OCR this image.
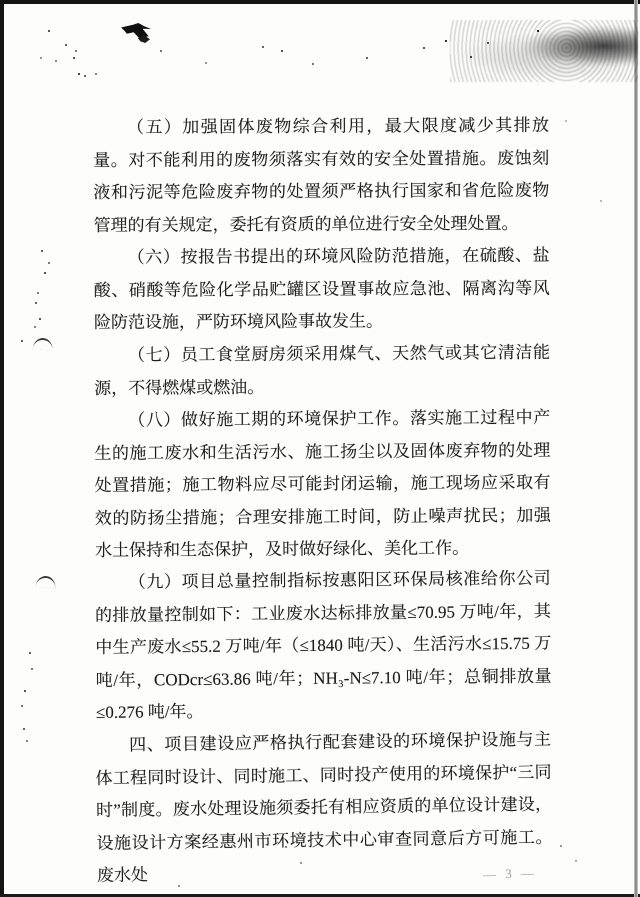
（五）加强固体废物综合利用，最大限度减少其排放量。对不能利用的废物须落实有效的安全处置措施。废蚀刻液和污泥等危险废弃物的处置须严格执行国家和省危险废物管理的有关规定，委托有资质的单位进行安全处理处置。

（六）按报告书提出的环境风险防范措施，在硫酸、盐酸、硝酸等危险化学品贮罐区设置事故应急池、隔离沟等风险防范设施，严防环境风险事故发生。

（七）员工食堂厨房须采用煤气、天然气或其它清洁能源，不得燃煤或燃油。

（八）做好施工期的环境保护工作。落实施工过程中产生的施工废水和生活污水、施工扬尘以及固体废弃物的处理处置措施；施工物料应尽可能封闭运输，施工现场应采取有效的防扬尘措施；合理安排施工时间，防止噪声扰民；加强水土保持和生态保护，及时做好绿化、美化工作。

（九）项目总量控制指标按惠阳区环保局核准给你公司的排放量控制如下：工业废水达标排放量≤70.95 万吨/年，其中生产废水≤55.2 万吨/年（≤1840 吨/天）、生活污水≤15.75 万吨/年，CODcr≤63.86 吨/年；NH₃-N≤7.10 吨/年；总铜排放量≤0.276 吨/年。

四、项目建设应严格执行配套建设的环境保护设施与主体工程同时设计、同时施工、同时投产使用的环境保护“三同时”制度。废水处理设施须委托有相应资质的单位设计建设，设施设计方案经惠州市环境技术中心审查同意后方可施工。废水处	— 3 —
